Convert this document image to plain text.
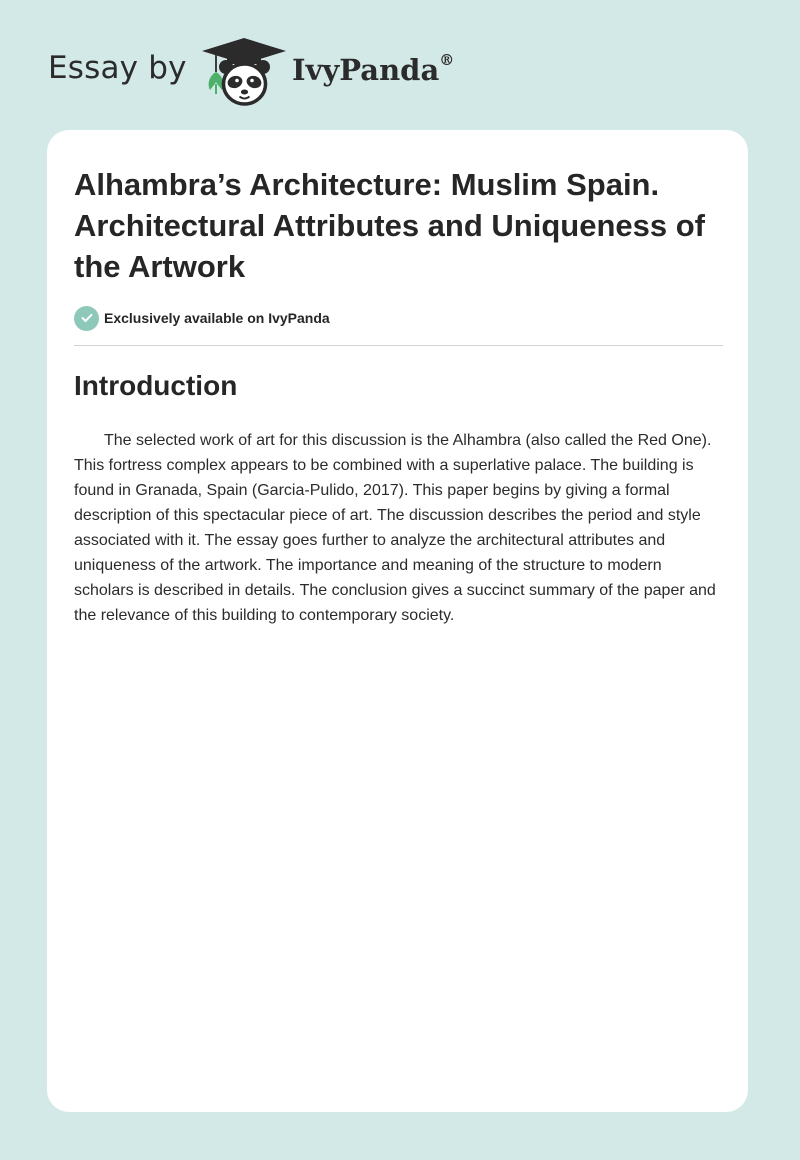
Essay by	IvyPanda®
Alhambra’s Architecture: Muslim Spain. Architectural Attributes and Uniqueness of the Artwork
Exclusively available on IvyPanda
Introduction

The selected work of art for this discussion is the Alhambra (also called the Red One). This fortress complex appears to be combined with a superlative palace. The building is found in Granada, Spain (Garcia-Pulido, 2017). This paper begins by giving a formal description of this spectacular piece of art. The discussion describes the period and style associated with it. The essay goes further to analyze the architectural attributes and uniqueness of the artwork. The importance and meaning of the structure to modern scholars is described in details. The conclusion gives a succinct summary of the paper and the relevance of this building to contemporary society.
